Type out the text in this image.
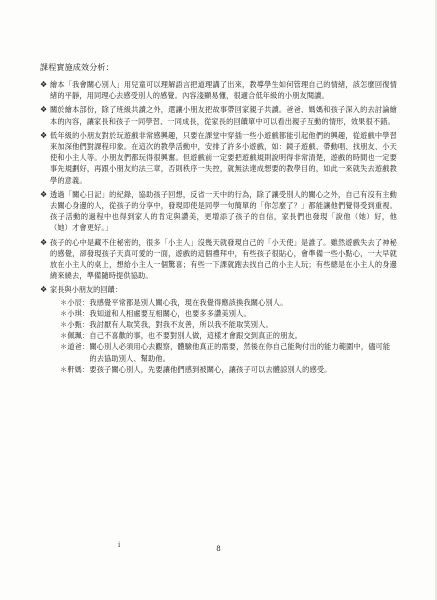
課程實施成效分析：
❖ 繪本「我會關心別人」用兒童可以理解語言把道理講了出來，教導學生如何管理自己的情緒，該怎麼回復情緒的平靜，用同理心去感受別人的感覺。內容淺顯易懂，很適合低年級的小朋友閱讀。

❖ 關於繪本部份，除了班級共讀之外，還讓小朋友把故事帶回家親子共讀。爸爸、媽媽和孩子深入的去討論繪本的內容，讓家長和孩子一同學習、一同成長，從家長的回饋單中可以看出親子互動的情形，效果很不錯。

❖ 低年級的小朋友對於玩遊戲非常感興趣，只要在課堂中穿插一些小遊戲都能引起他們的興趣，從遊戲中學習來加深他們對課程印象。在這次的教學活動中，安排了許多小遊戲，如：鏡子遊戲、帶動唱、找朋友、小天使和小主人等。小朋友們都玩得很興奮。但遊戲前一定要把遊戲規則說明得非常清楚，遊戲的時間也一定要事先規劃好，再跟小朋友約法三章，否則秩序一失控，就無法達成想要的教學目的，如此一來就失去遊戲教學的意義。

❖ 透過「關心日記」的紀錄，協助孩子回想，反省一天中的行為，除了讓受別人的關心之外，自己有沒有主動去關心身邊的人，從孩子的分享中，發現即使是同學一句簡單的「你怎麼了？」都能讓他們覺得受到重視。孩子活動的過程中也得到家人的肯定與讚美，更增添了孩子的自信，家長們也發現「說他（她）好，他（她）才會更好。」

❖ 孩子的心中是藏不住秘密的，很多「小主人」沒幾天就發現自己的「小天使」是誰了。雖然遊戲失去了神秘的感覺，卻發現孩子天真可愛的一面，遊戲的這個禮拜中，有些孩子很貼心，會準備一些小點心，一大早就放在小主人的桌上，想給小主人一個驚喜；有些一下課就跑去找自己的小主人玩；有些總是在小主人的身邊繞來繞去，準備隨時提供協助。

❖ 家長與小朋友的回饋：
＊小辰： 我感覺平常都是別人關心我，現在我覺得應該換我關心別人。
＊小琪： 我知道和人相處要互相關心，也要多多讚美別人。
＊小甄： 我討厭有人取笑我，對我不友善，所以我不能取笑別人。
＊佩珮： 自己不喜歡的事，也不要對別人做，這樣才會跟交到真正的朋友。
＊道爸： 關心別人必須用心去觀察，體驗他真正的需要，然後在你自己能夠付出的能力範圍中，儘可能的去協助別人、幫助他。
＊軒媽： 要孩子關心別人，先要讓他們感到被關心，讓孩子可以去體諒別人的感受。
i	8
